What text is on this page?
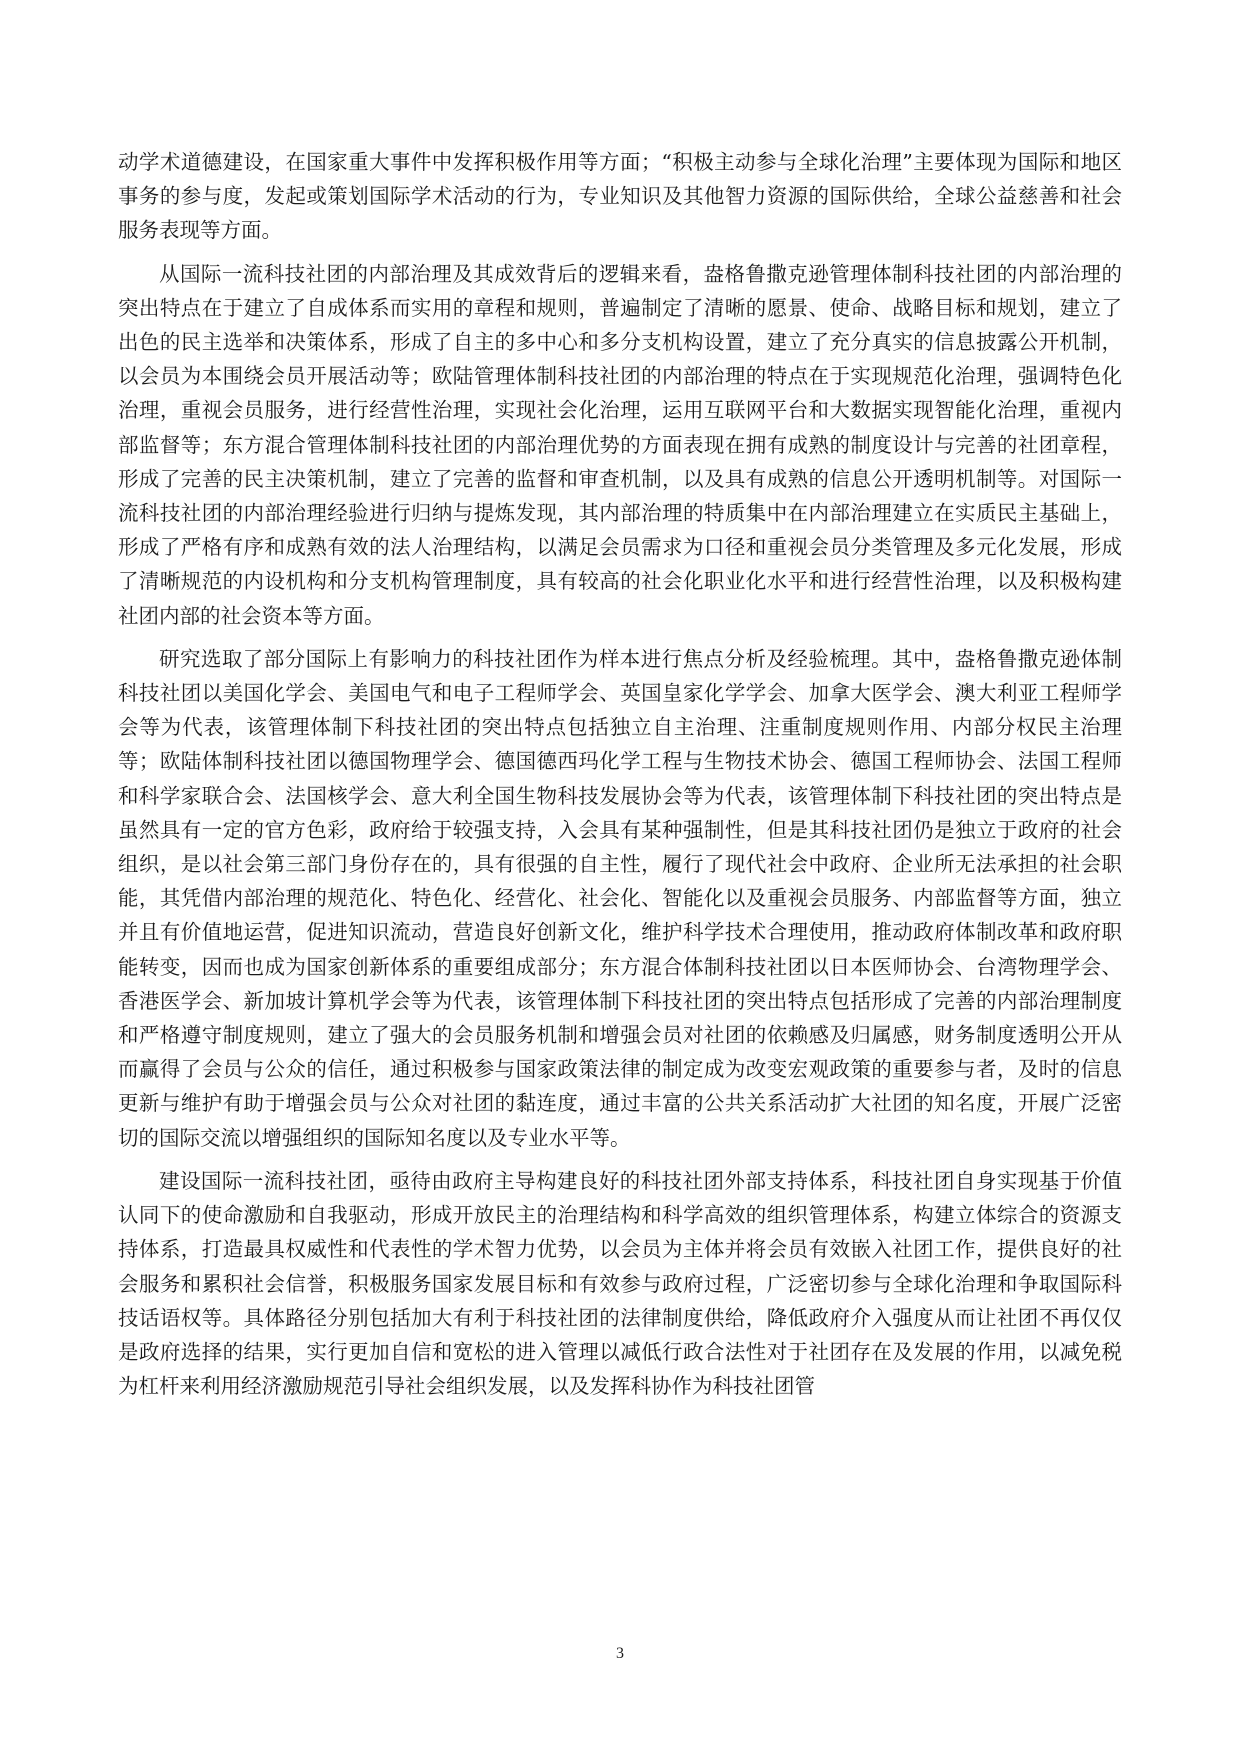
动学术道德建设，在国家重大事件中发挥积极作用等方面；“积极主动参与全球化治理”主要体现为国际和地区事务的参与度，发起或策划国际学术活动的行为，专业知识及其他智力资源的国际供给，全球公益慈善和社会服务表现等方面。

从国际一流科技社团的内部治理及其成效背后的逻辑来看，盎格鲁撒克逊管理体制科技社团的内部治理的突出特点在于建立了自成体系而实用的章程和规则，普遍制定了清晰的愿景、使命、战略目标和规划，建立了出色的民主选举和决策体系，形成了自主的多中心和多分支机构设置，建立了充分真实的信息披露公开机制，以会员为本围绕会员开展活动等；欧陆管理体制科技社团的内部治理的特点在于实现规范化治理，强调特色化治理，重视会员服务，进行经营性治理，实现社会化治理，运用互联网平台和大数据实现智能化治理，重视内部监督等；东方混合管理体制科技社团的内部治理优势的方面表现在拥有成熟的制度设计与完善的社团章程，形成了完善的民主决策机制，建立了完善的监督和审查机制，以及具有成熟的信息公开透明机制等。对国际一流科技社团的内部治理经验进行归纳与提炼发现，其内部治理的特质集中在内部治理建立在实质民主基础上，形成了严格有序和成熟有效的法人治理结构，以满足会员需求为口径和重视会员分类管理及多元化发展，形成了清晰规范的内设机构和分支机构管理制度，具有较高的社会化职业化水平和进行经营性治理，以及积极构建社团内部的社会资本等方面。

研究选取了部分国际上有影响力的科技社团作为样本进行焦点分析及经验梳理。其中，盎格鲁撒克逊体制科技社团以美国化学会、美国电气和电子工程师学会、英国皇家化学学会、加拿大医学会、澳大利亚工程师学会等为代表，该管理体制下科技社团的突出特点包括独立自主治理、注重制度规则作用、内部分权民主治理等；欧陆体制科技社团以德国物理学会、德国德西玛化学工程与生物技术协会、德国工程师协会、法国工程师和科学家联合会、法国核学会、意大利全国生物科技发展协会等为代表，该管理体制下科技社团的突出特点是虽然具有一定的官方色彩，政府给于较强支持，入会具有某种强制性，但是其科技社团仍是独立于政府的社会组织，是以社会第三部门身份存在的，具有很强的自主性，履行了现代社会中政府、企业所无法承担的社会职能，其凭借内部治理的规范化、特色化、经营化、社会化、智能化以及重视会员服务、内部监督等方面，独立并且有价值地运营，促进知识流动，营造良好创新文化，维护科学技术合理使用，推动政府体制改革和政府职能转变，因而也成为国家创新体系的重要组成部分；东方混合体制科技社团以日本医师协会、台湾物理学会、香港医学会、新加坡计算机学会等为代表，该管理体制下科技社团的突出特点包括形成了完善的内部治理制度和严格遵守制度规则，建立了强大的会员服务机制和增强会员对社团的依赖感及归属感，财务制度透明公开从而赢得了会员与公众的信任，通过积极参与国家政策法律的制定成为改变宏观政策的重要参与者，及时的信息更新与维护有助于增强会员与公众对社团的黏连度，通过丰富的公共关系活动扩大社团的知名度，开展广泛密切的国际交流以增强组织的国际知名度以及专业水平等。

建设国际一流科技社团，亟待由政府主导构建良好的科技社团外部支持体系，科技社团自身实现基于价值认同下的使命激励和自我驱动，形成开放民主的治理结构和科学高效的组织管理体系，构建立体综合的资源支持体系，打造最具权威性和代表性的学术智力优势，以会员为主体并将会员有效嵌入社团工作，提供良好的社会服务和累积社会信誉，积极服务国家发展目标和有效参与政府过程，广泛密切参与全球化治理和争取国际科技话语权等。具体路径分别包括加大有利于科技社团的法律制度供给，降低政府介入强度从而让社团不再仅仅是政府选择的结果，实行更加自信和宽松的进入管理以减低行政合法性对于社团存在及发展的作用，以减免税为杠杆来利用经济激励规范引导社会组织发展，以及发挥科协作为科技社团管

3
